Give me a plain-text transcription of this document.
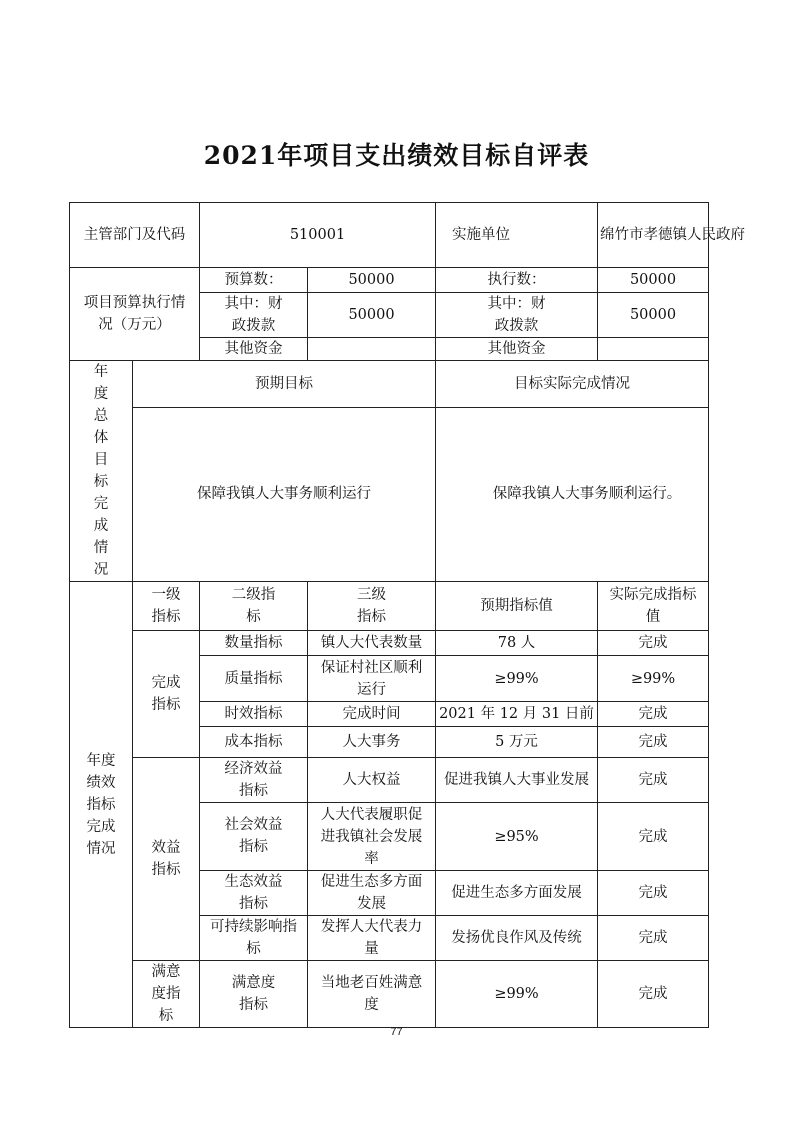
2021年项目支出绩效目标自评表
主管部门及代码		510001		实施单位	绵竹市孝德镇人民政府
项目预算执行情况（万元）		预算数：	50000	执行数：	50000
		其中：财政拨款	50000	其中：财政拨款	50000
		其他资金		其他资金	
年度总体目标完成情况	预期目标			目标实际完成情况	
	保障我镇人大事务顺利运行			保障我镇人大事务顺利运行。	
年度绩效指标完成情况	一级指标	二级指标	三级指标	预期指标值	实际完成指标值
	完成指标	数量指标	镇人大代表数量	78 人	完成
		质量指标	保证村社区顺利运行	≥99%	≥99%
		时效指标	完成时间	2021 年 12 月 31 日前	完成
		成本指标	人大事务	5 万元	完成
	效益指标	经济效益指标	人大权益	促进我镇人大事业发展	完成
		社会效益指标	人大代表履职促进我镇社会发展率	≥95%	完成
		生态效益指标	促进生态多方面发展	促进生态多方面发展	完成
		可持续影响指标	发挥人大代表力量	发扬优良作风及传统	完成
	满意度指标	满意度指标	当地老百姓满意度	≥99%	完成
77
